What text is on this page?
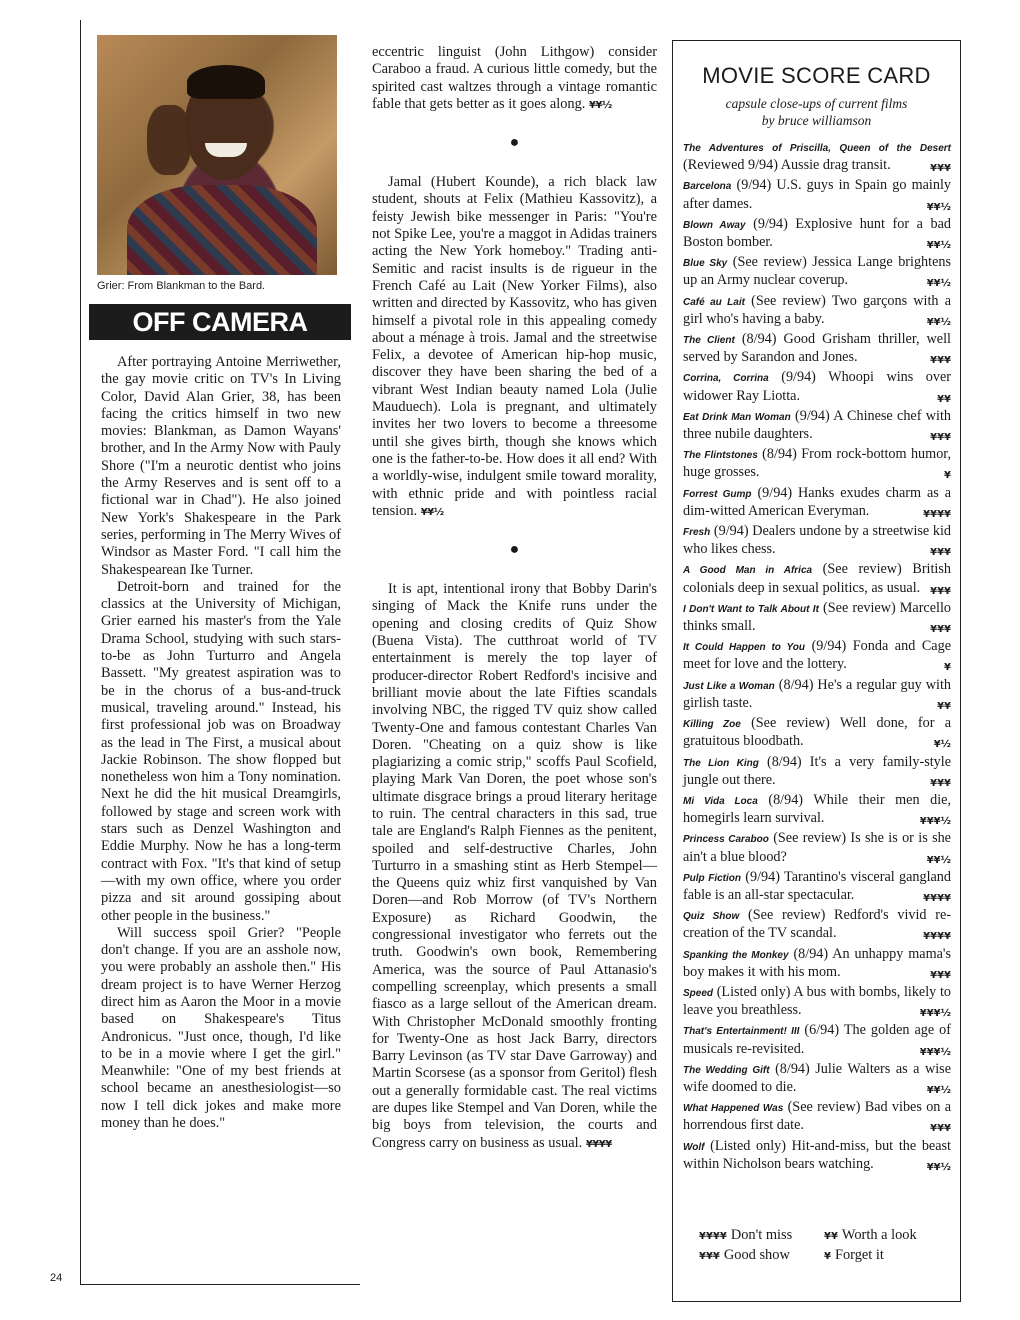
Grier: From Blankman to the Bard.
OFF CAMERA

After portraying Antoine Merriwether, the gay movie critic on TV's In Living Color, David Alan Grier, 38, has been facing the critics himself in two new movies: Blankman, as Damon Wayans' brother, and In the Army Now with Pauly Shore ("I'm a neurotic dentist who joins the Army Reserves and is sent off to a fictional war in Chad"). He also joined New York's Shakespeare in the Park series, performing in The Merry Wives of Windsor as Master Ford. "I call him the Shakespearean Ike Turner.

Detroit-born and trained for the classics at the University of Michigan, Grier earned his master's from the Yale Drama School, studying with such stars-to-be as John Turturro and Angela Bassett. "My greatest aspiration was to be in the chorus of a bus-and-truck musical, traveling around." Instead, his first professional job was on Broadway as the lead in The First, a musical about Jackie Robinson. The show flopped but nonetheless won him a Tony nomination. Next he did the hit musical Dreamgirls, followed by stage and screen work with stars such as Denzel Washington and Eddie Murphy. Now he has a long-term contract with Fox. "It's that kind of setup—with my own office, where you order pizza and sit around gossiping about other people in the business."

Will success spoil Grier? "People don't change. If you are an asshole now, you were probably an asshole then." His dream project is to have Werner Herzog direct him as Aaron the Moor in a movie based on Shakespeare's Titus Andronicus. "Just once, though, I'd like to be in a movie where I get the girl." Meanwhile: "One of my best friends at school became an anesthesiologist—so now I tell dick jokes and make more money than he does."

24

eccentric linguist (John Lithgow) consider Caraboo a fraud. A curious little comedy, but the spirited cast waltzes through a vintage romantic fable that gets better as it goes along. ¥¥½

●

Jamal (Hubert Kounde), a rich black law student, shouts at Felix (Mathieu Kassovitz), a feisty Jewish bike messenger in Paris: "You're not Spike Lee, you're a maggot in Adidas trainers acting the New York homeboy." Trading anti-Semitic and racist insults is de rigueur in the French Café au Lait (New Yorker Films), also written and directed by Kassovitz, who has given himself a pivotal role in this appealing comedy about a ménage à trois. Jamal and the streetwise Felix, a devotee of American hip-hop music, discover they have been sharing the bed of a vibrant West Indian beauty named Lola (Julie Mauduech). Lola is pregnant, and ultimately invites her two lovers to become a threesome until she gives birth, though she knows which one is the father-to-be. How does it all end? With a worldly-wise, indulgent smile toward morality, with ethnic pride and with pointless racial tension. ¥¥½

●

It is apt, intentional irony that Bobby Darin's singing of Mack the Knife runs under the opening and closing credits of Quiz Show (Buena Vista). The cutthroat world of TV entertainment is merely the top layer of producer-director Robert Redford's incisive and brilliant movie about the late Fifties scandals involving NBC, the rigged TV quiz show called Twenty-One and famous contestant Charles Van Doren. "Cheating on a quiz show is like plagiarizing a comic strip," scoffs Paul Scofield, playing Mark Van Doren, the poet whose son's ultimate disgrace brings a proud literary heritage to ruin. The central characters in this sad, true tale are England's Ralph Fiennes as the penitent, spoiled and self-destructive Charles, John Turturro in a smashing stint as Herb Stempel—the Queens quiz whiz first vanquished by Van Doren—and Rob Morrow (of TV's Northern Exposure) as Richard Goodwin, the congressional investigator who ferrets out the truth. Goodwin's own book, Remembering America, was the source of Paul Attanasio's compelling screenplay, which presents a small fiasco as a large sellout of the American dream. With Christopher McDonald smoothly fronting for Twenty-One as host Jack Barry, directors Barry Levinson (as TV star Dave Garroway) and Martin Scorsese (as a sponsor from Geritol) flesh out a generally formidable cast. The real victims are dupes like Stempel and Van Doren, while the big boys from television, the courts and Congress carry on business as usual. ¥¥¥¥

MOVIE SCORE CARD
capsule close-ups of current films
by bruce williamson
The Adventures of Priscilla, Queen of the Desert (Reviewed 9/94) Aussie drag transit.	¥¥¥
Barcelona (9/94) U.S. guys in Spain go mainly after dames.	¥¥½
Blown Away (9/94) Explosive hunt for a bad Boston bomber.	¥¥½
Blue Sky (See review) Jessica Lange brightens up an Army nuclear coverup.	¥¥½
Café au Lait (See review) Two garçons with a girl who's having a baby.	¥¥½
The Client (8/94) Good Grisham thriller, well served by Sarandon and Jones.	¥¥¥
Corrina, Corrina (9/94) Whoopi wins over widower Ray Liotta.	¥¥
Eat Drink Man Woman (9/94) A Chinese chef with three nubile daughters.	¥¥¥
The Flintstones (8/94) From rock-bottom humor, huge grosses.	¥
Forrest Gump (9/94) Hanks exudes charm as a dim-witted American Everyman.	¥¥¥¥
Fresh (9/94) Dealers undone by a streetwise kid who likes chess.	¥¥¥
A Good Man in Africa (See review) British colonials deep in sexual politics, as usual. ¥¥¥
I Don't Want to Talk About It (See review) Marcello thinks small.	¥¥¥
It Could Happen to You (9/94) Fonda and Cage meet for love and the lottery.	¥
Just Like a Woman (8/94) He's a regular guy with girlish taste.	¥¥
Killing Zoe (See review) Well done, for a gratuitous bloodbath.	¥½
The Lion King (8/94) It's a very family-style jungle out there.	¥¥¥
Mi Vida Loca (8/94) While their men die, homegirls learn survival.	¥¥¥½
Princess Caraboo (See review) Is she is or is she ain't a blue blood?	¥¥½
Pulp Fiction (9/94) Tarantino's visceral gangland fable is an all-star spectacular.	¥¥¥¥
Quiz Show (See review) Redford's vivid re-creation of the TV scandal.	¥¥¥¥
Spanking the Monkey (8/94) An unhappy mama's boy makes it with his mom.	¥¥¥
Speed (Listed only) A bus with bombs, likely to leave you breathless.	¥¥¥½
That's Entertainment! III (6/94) The golden age of musicals re-revisited.	¥¥¥½
The Wedding Gift (8/94) Julie Walters as a wise wife doomed to die.	¥¥½
What Happened Was (See review) Bad vibes on a horrendous first date.	¥¥¥
Wolf (Listed only) Hit-and-miss, but the beast within Nicholson bears watching.	¥¥½
¥¥¥¥ Don't miss	¥¥ Worth a look
¥¥¥ Good show	¥ Forget it
